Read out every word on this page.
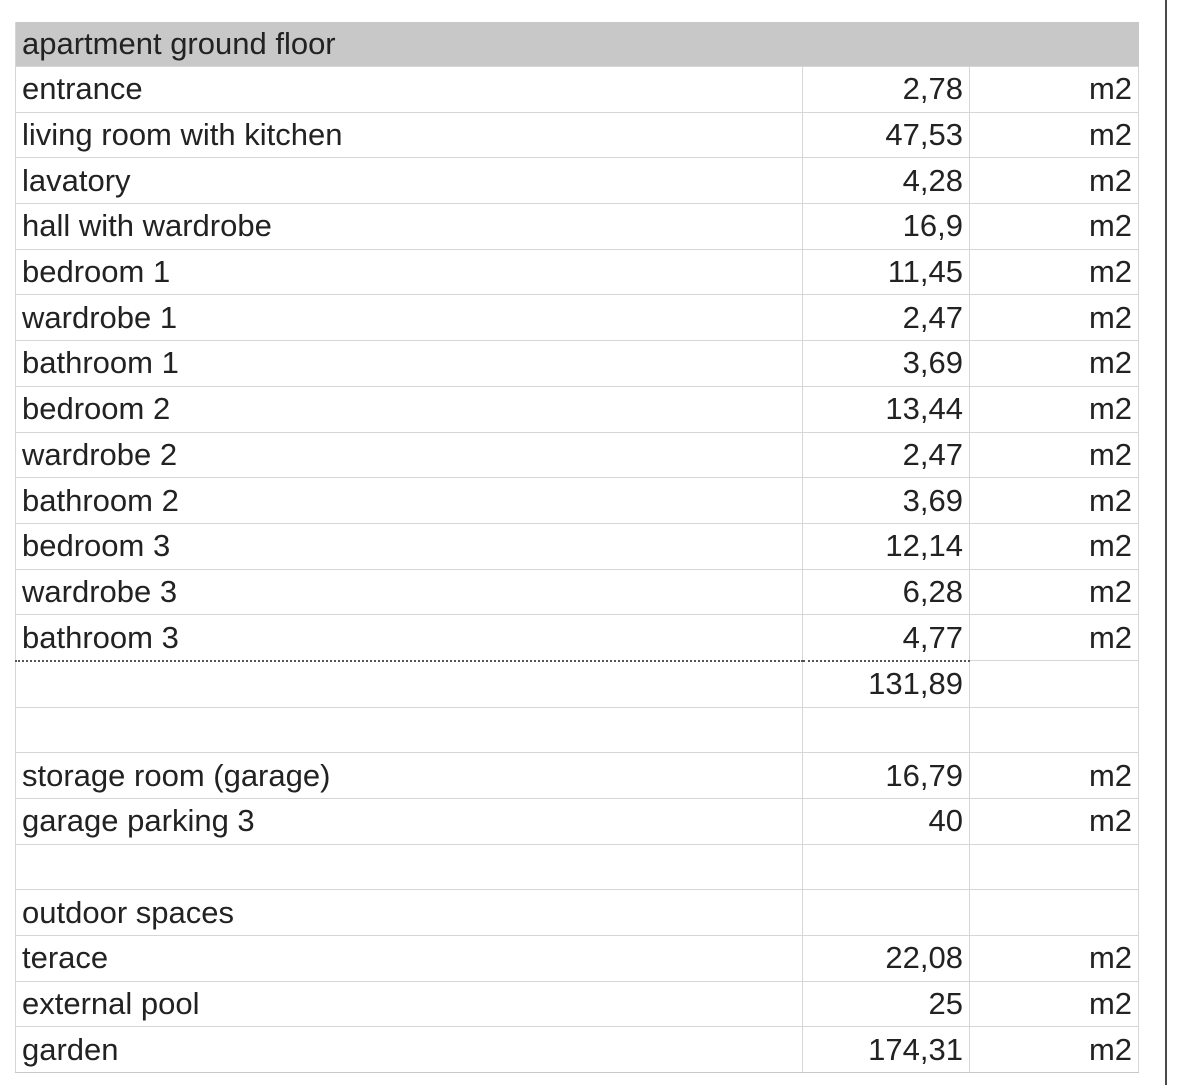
apartment ground floor		
entrance	2,78	m2
living room with kitchen	47,53	m2
lavatory	4,28	m2
hall with wardrobe	16,9	m2
bedroom 1	11,45	m2
wardrobe 1	2,47	m2
bathroom 1	3,69	m2
bedroom 2	13,44	m2
wardrobe 2	2,47	m2
bathroom 2	3,69	m2
bedroom 3	12,14	m2
wardrobe 3	6,28	m2
bathroom 3	4,77	m2
	131,89	

storage room (garage)	16,79	m2
garage parking 3	40	m2

outdoor spaces		
terace	22,08	m2
external pool	25	m2
garden	174,31	m2
